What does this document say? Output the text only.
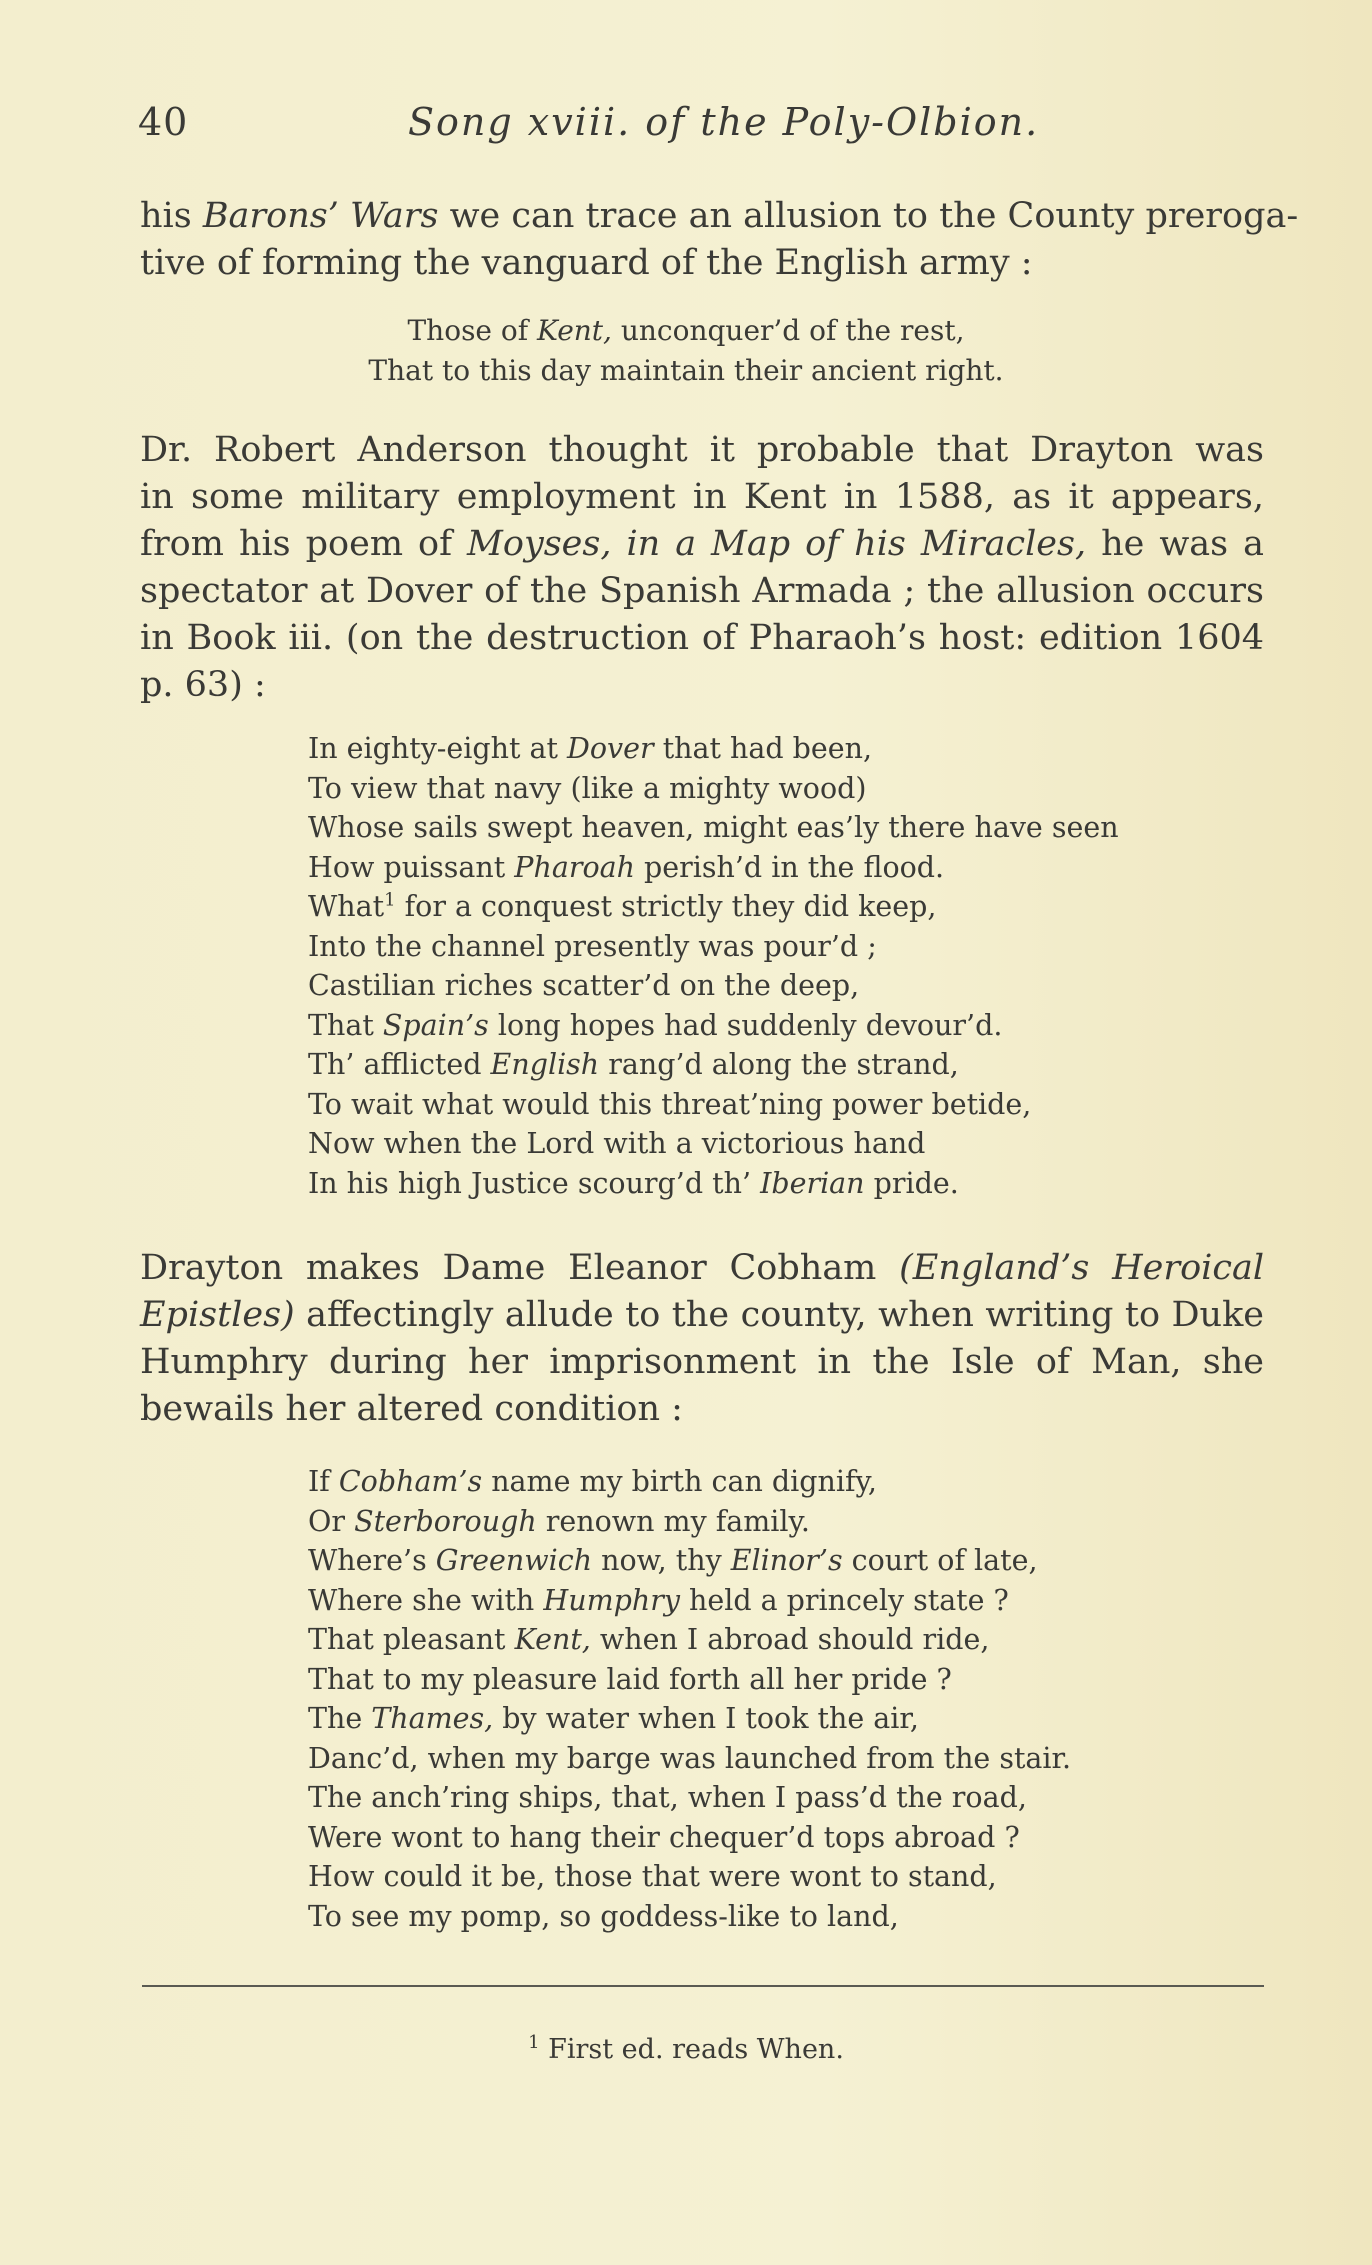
40	Song xviii. of the Poly-Olbion.
his Barons’ Wars we can trace an allusion to the County preroga-
tive of forming the vanguard of the English army :
Those of Kent, unconquer’d of the rest,
That to this day maintain their ancient right.
Dr. Robert Anderson thought it probable that Drayton was
in some military employment in Kent in 1588, as it appears,
from his poem of Moyses, in a Map of his Miracles, he was a
spectator at Dover of the Spanish Armada ; the allusion occurs
in Book iii. (on the destruction of Pharaoh’s host: edition 1604
p. 63) :
In eighty-eight at Dover that had been,
To view that navy (like a mighty wood)
Whose sails swept heaven, might eas’ly there have seen
How puissant Pharoah perish’d in the flood.
What$^1$ for a conquest strictly they did keep,
Into the channel presently was pour’d ;
Castilian riches scatter’d on the deep,
That Spain’s long hopes had suddenly devour’d.
Th’ afflicted English rang’d along the strand,
To wait what would this threat’ning power betide,
Now when the Lord with a victorious hand
In his high Justice scourg’d th’ Iberian pride.
Drayton makes Dame Eleanor Cobham (England’s Heroical
Epistles) affectingly allude to the county, when writing to Duke
Humphry during her imprisonment in the Isle of Man, she
bewails her altered condition :
If Cobham’s name my birth can dignify,
Or Sterborough renown my family.
Where’s Greenwich now, thy Elinor’s court of late,
Where she with Humphry held a princely state ?
That pleasant Kent, when I abroad should ride,
That to my pleasure laid forth all her pride ?
The Thames, by water when I took the air,
Danc’d, when my barge was launched from the stair.
The anch’ring ships, that, when I pass’d the road,
Were wont to hang their chequer’d tops abroad ?
How could it be, those that were wont to stand,
To see my pomp, so goddess-like to land,
$^1$ First ed. reads When.
